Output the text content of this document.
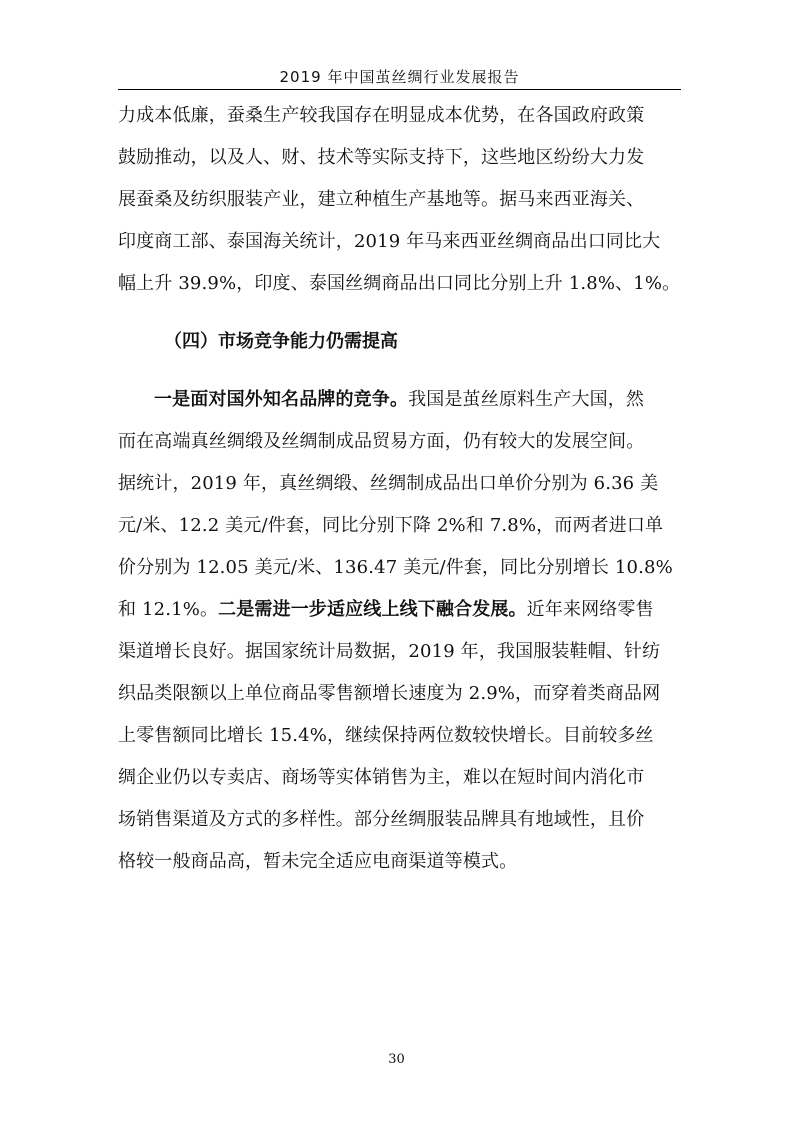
2019 年中国茧丝绸行业发展报告
力成本低廉，蚕桑生产较我国存在明显成本优势，在各国政府政策
鼓励推动，以及人、财、技术等实际支持下，这些地区纷纷大力发
展蚕桑及纺织服装产业，建立种植生产基地等。据马来西亚海关、
印度商工部、泰国海关统计，2019 年马来西亚丝绸商品出口同比大
幅上升 39.9%，印度、泰国丝绸商品出口同比分别上升 1.8%、1%。
（四）市场竞争能力仍需提高
一是面对国外知名品牌的竞争。我国是茧丝原料生产大国，然
而在高端真丝绸缎及丝绸制成品贸易方面，仍有较大的发展空间。
据统计，2019 年，真丝绸缎、丝绸制成品出口单价分别为 6.36 美
元/米、12.2 美元/件套，同比分别下降 2%和 7.8%，而两者进口单
价分别为 12.05 美元/米、136.47 美元/件套，同比分别增长 10.8%
和 12.1%。二是需进一步适应线上线下融合发展。近年来网络零售
渠道增长良好。据国家统计局数据，2019 年，我国服装鞋帽、针纺
织品类限额以上单位商品零售额增长速度为 2.9%，而穿着类商品网
上零售额同比增长 15.4%，继续保持两位数较快增长。目前较多丝
绸企业仍以专卖店、商场等实体销售为主，难以在短时间内消化市
场销售渠道及方式的多样性。部分丝绸服装品牌具有地域性，且价
格较一般商品高，暂未完全适应电商渠道等模式。
30
